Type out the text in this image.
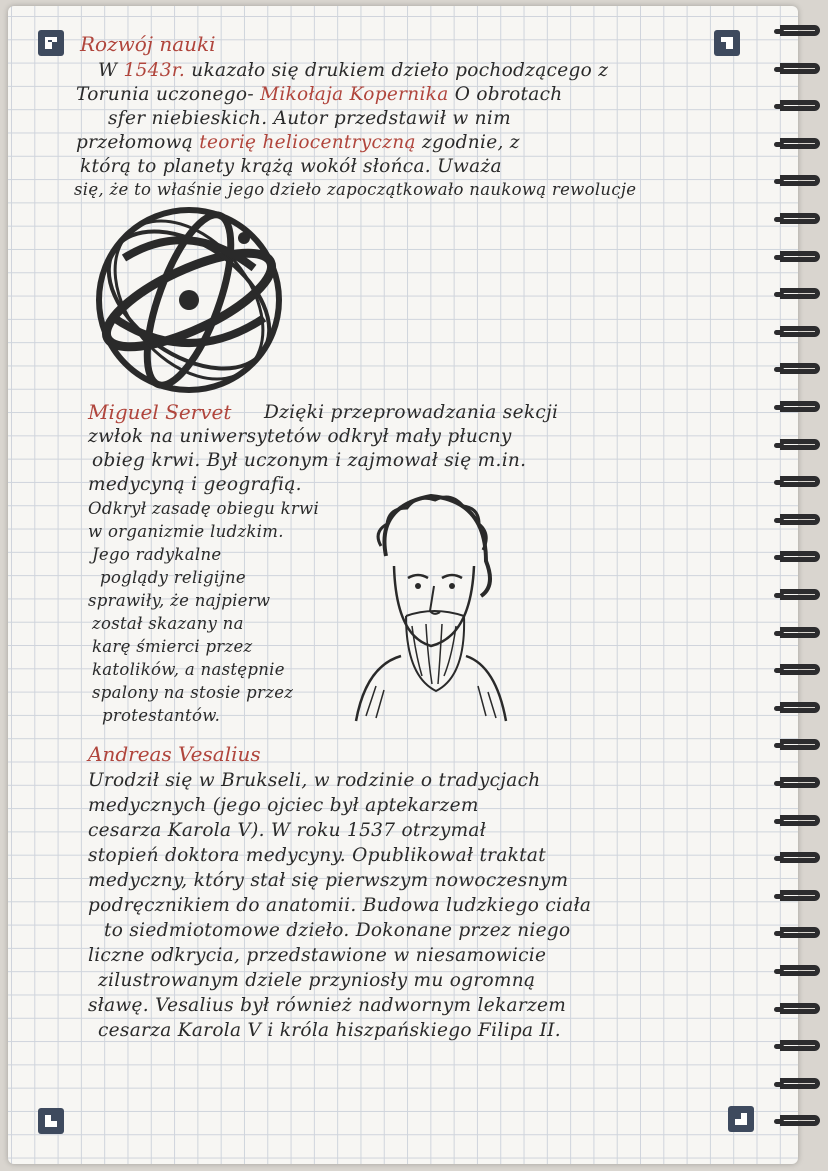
Rozwój nauki
W 1543r. ukazało się drukiem dzieło pochodzącego z
Torunia uczonego- Mikołaja Kopernika O obrotach
sfer niebieskich. Autor przedstawił w nim
przełomową teorię heliocentryczną zgodnie, z
którą to planety krążą wokół słońca. Uważa
się, że to właśnie jego dzieło zapoczątkowało naukową rewolucje
Miguel Servet Dzięki przeprowadzania sekcji
zwłok na uniwersytetów odkrył mały płucny
obieg krwi. Był uczonym i zajmował się m.in.
medycyną i geografią.
Odkrył zasadę obiegu krwi
w organizmie ludzkim.
Jego radykalne
poglądy religijne
sprawiły, że najpierw
został skazany na
karę śmierci przez
katolików, a następnie
spalony na stosie przez
protestantów.
Andreas Vesalius
Urodził się w Brukseli, w rodzinie o tradycjach
medycznych (jego ojciec był aptekarzem
cesarza Karola V). W roku 1537 otrzymał
stopień doktora medycyny. Opublikował traktat
medyczny, który stał się pierwszym nowoczesnym
podręcznikiem do anatomii. Budowa ludzkiego ciała
to siedmiotomowe dzieło. Dokonane przez niego
liczne odkrycia, przedstawione w niesamowicie
zilustrowanym dziele przyniosły mu ogromną
sławę. Vesalius był również nadwornym lekarzem
cesarza Karola V i króla hiszpańskiego Filipa II.
